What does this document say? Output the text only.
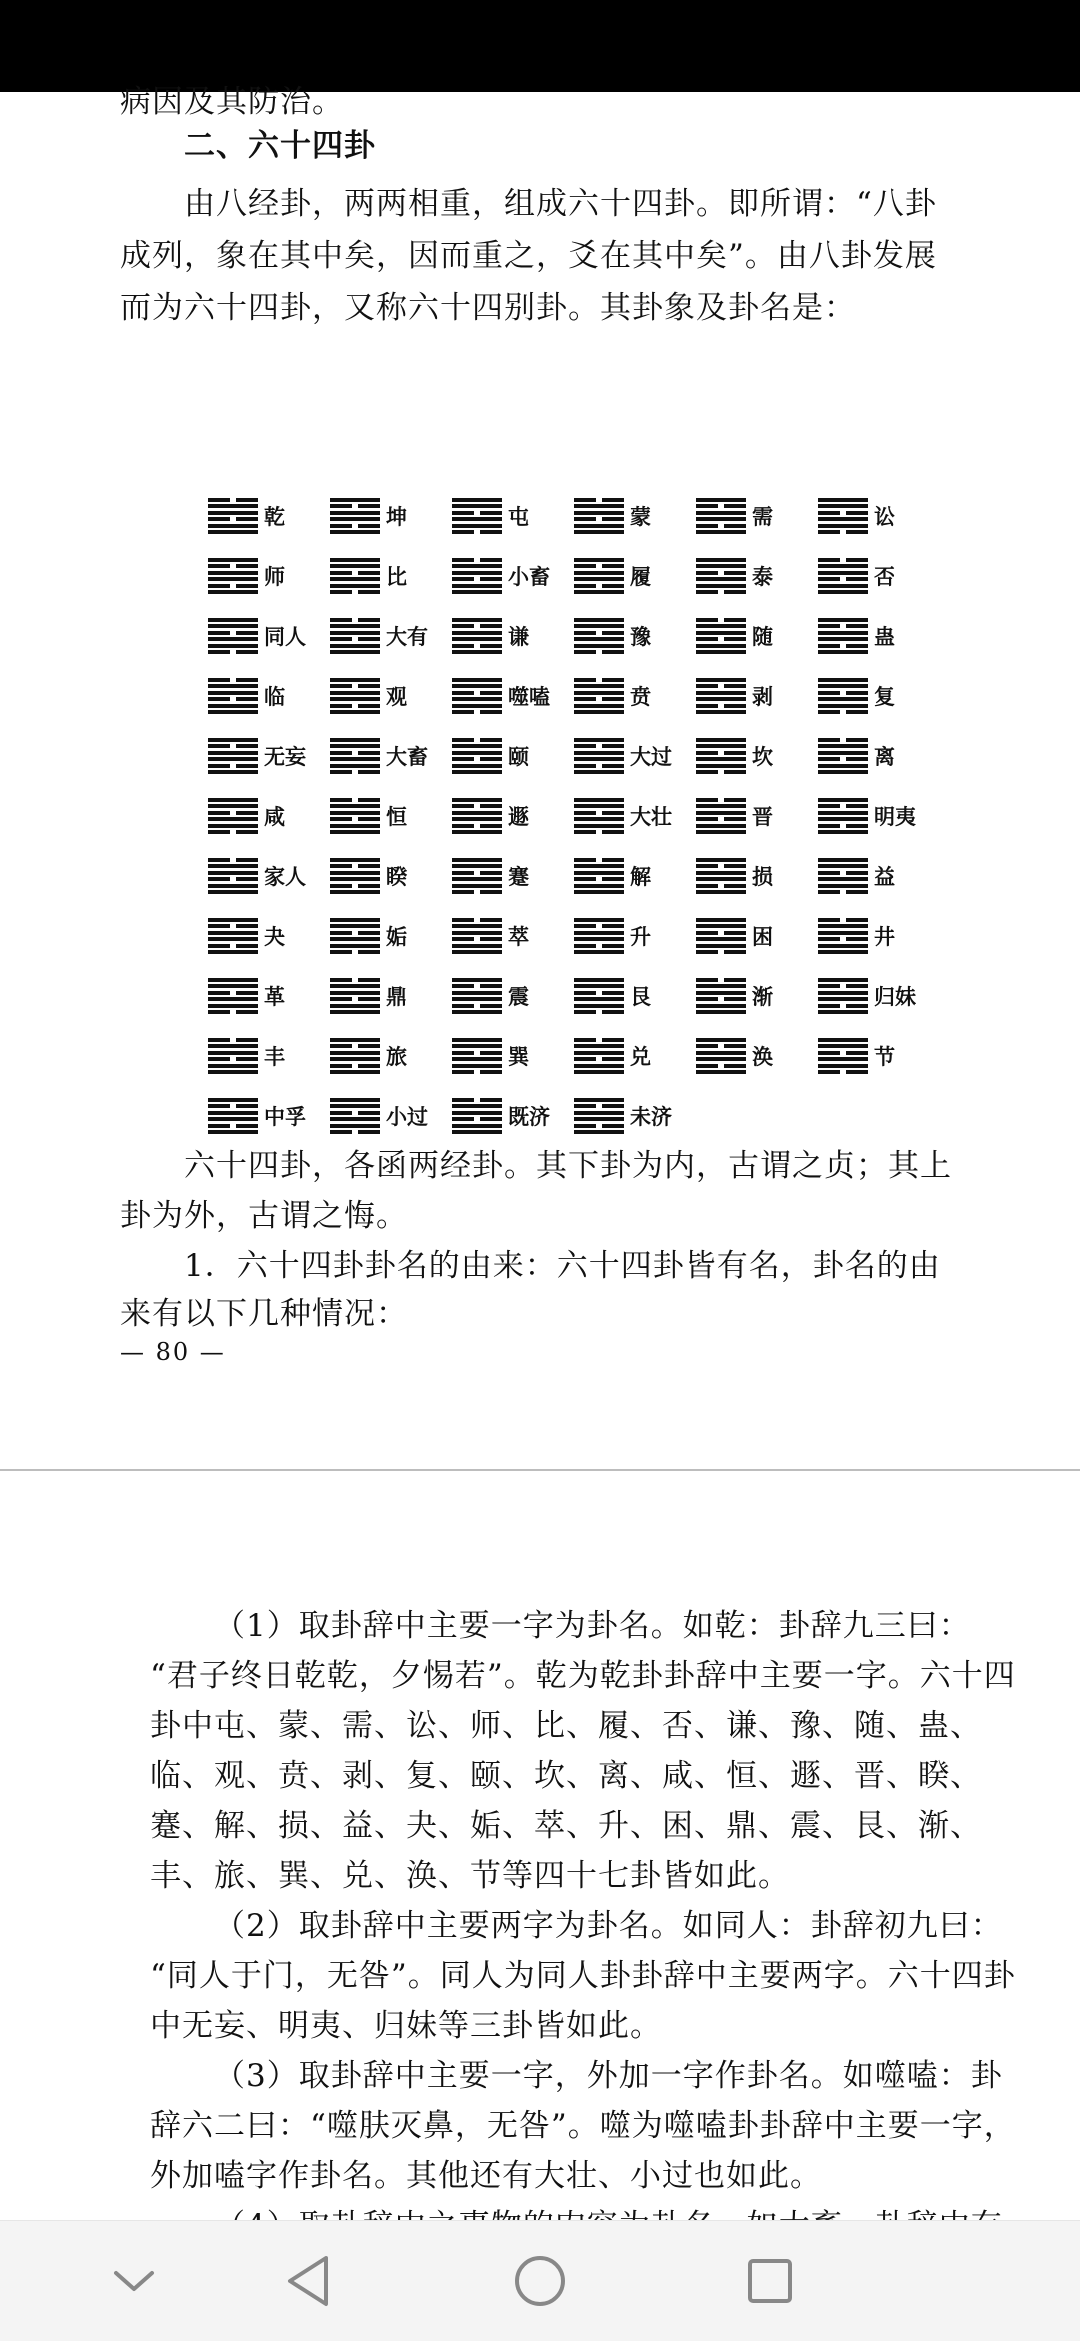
病因及其防治。
二、六十四卦
由八经卦，两两相重，组成六十四卦。即所谓：“八卦
成列，象在其中矣，因而重之，爻在其中矣”。由八卦发展
而为六十四卦，又称六十四别卦。其卦象及卦名是：
乾	坤	屯	蒙	需	讼
师	比	小畜	履	泰	否
同人	大有	谦	豫	随	蛊
临	观	噬嗑	贲	剥	复
无妄	大畜	颐	大过	坎	离
咸	恒	遯	大壮	晋	明夷
家人	睽	蹇	解	损	益
夬	姤	萃	升	困	井
革	鼎	震	艮	渐	归妹
丰	旅	巽	兑	涣	节
中孚	小过	既济	未济
六十四卦，各函两经卦。其下卦为内，古谓之贞；其上
卦为外，古谓之悔。
1．六十四卦卦名的由来：六十四卦皆有名，卦名的由
来有以下几种情况：
— 80 —
（1）取卦辞中主要一字为卦名。如乾：卦辞九三曰：
“君子终日乾乾，夕惕若”。乾为乾卦卦辞中主要一字。六十四
卦中屯、蒙、需、讼、师、比、履、否、谦、豫、随、蛊、
临、观、贲、剥、复、颐、坎、离、咸、恒、遯、晋、睽、
蹇、解、损、益、夬、姤、萃、升、困、鼎、震、艮、渐、
丰、旅、巽、兑、涣、节等四十七卦皆如此。
（2）取卦辞中主要两字为卦名。如同人：卦辞初九曰：
“同人于门，无咎”。同人为同人卦卦辞中主要两字。六十四卦
中无妄、明夷、归妹等三卦皆如此。
（3）取卦辞中主要一字，外加一字作卦名。如噬嗑：卦
辞六二曰：“噬肤灭鼻，无咎”。噬为噬嗑卦卦辞中主要一字，
外加嗑字作卦名。其他还有大壮、小过也如此。
